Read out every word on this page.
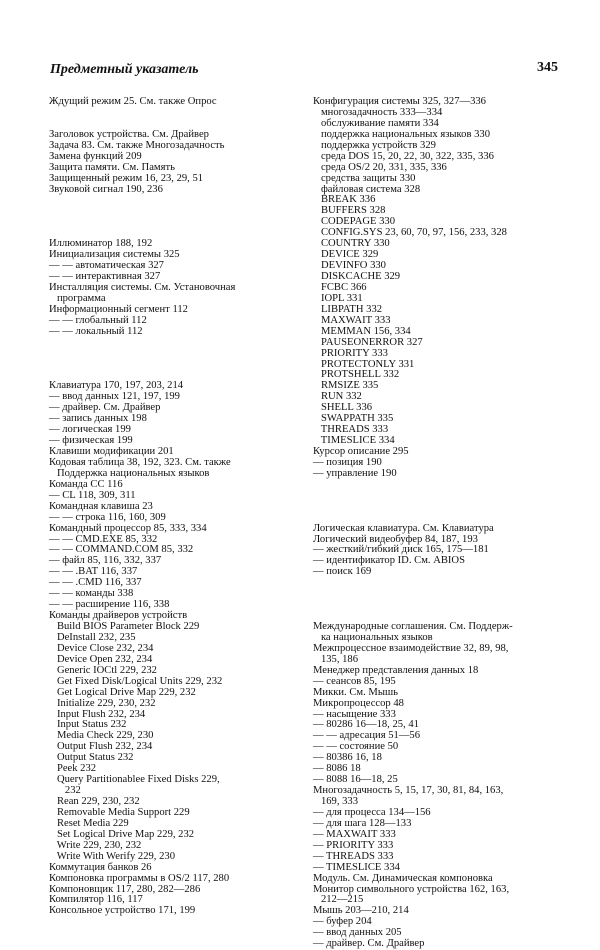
Предметный указатель	345
Ждущий режим 25. См. также Опрос
Заголовок устройства. См. Драйвер
Задача 83. См. также Многозадачность
Замена функций 209
Защита памяти. См. Память
Защищенный режим 16, 23, 29, 51
Звуковой сигнал 190, 236
Иллюминатор 188, 192
Инициализация системы 325
— — автоматическая 327
— — интерактивная 327
Инсталляция системы. См. Установочная
программа
Информационный сегмент 112
— — глобальный 112
— — локальный 112
Клавиатура 170, 197, 203, 214
— ввод данных 121, 197, 199
— драйвер. См. Драйвер
— запись данных 198
— логическая 199
— физическая 199
Клавиши модификации 201
Кодовая таблица 38, 192, 323. См. также
Поддержка национальных языков
Команда CC 116
— CL 118, 309, 311
Командная клавиша 23
— — строка 116, 160, 309
Командный процессор 85, 333, 334
— — CMD.EXE 85, 332
— — COMMAND.COM 85, 332
— файл 85, 116, 332, 337
— — .BAT 116, 337
— — .CMD 116, 337
— — команды 338
— — расширение 116, 338
Команды драйверов устройств
Build BIOS Parameter Block 229
DeInstall 232, 235
Device Close 232, 234
Device Open 232, 234
Generic IOCtl 229, 232
Get Fixed Disk/Logical Units 229, 232
Get Logical Drive Map 229, 232
Initialize 229, 230, 232
Input Flush 232, 234
Input Status 232
Media Check 229, 230
Output Flush 232, 234
Output Status 232
Peek 232
Query Partitionablee Fixed Disks 229,
232
Rean 229, 230, 232
Removable Media Support 229
Reset Media 229
Set Logical Drive Map 229, 232
Write 229, 230, 232
Write With Werify 229, 230
Коммутация банков 26
Компоновка программы в OS/2 117, 280
Компоновщик 117, 280, 282—286
Компилятор 116, 117
Консольное устройство 171, 199
Конфигурация системы 325, 327—336
многозадачность 333—334
обслуживание памяти 334
поддержка национальных языков 330
поддержка устройств 329
среда DOS 15, 20, 22, 30, 322, 335, 336
среда OS/2 20, 331, 335, 336
средства защиты 330
файловая система 328
BREAK 336
BUFFERS 328
CODEPAGE 330
CONFIG.SYS 23, 60, 70, 97, 156, 233, 328
COUNTRY 330
DEVICE 329
DEVINFO 330
DISKCACHE 329
FCBC 366
IOPL 331
LIBPATH 332
MAXWAIT 333
MEMMAN 156, 334
PAUSEONERROR 327
PRIORITY 333
PROTECTONLY 331
PROTSHELL 332
RMSIZE 335
RUN 332
SHELL 336
SWAPPATH 335
THREADS 333
TIMESLICE 334
Курсор описание 295
— позиция 190
— управление 190
Логическая клавиатура. См. Клавиатура
Логический видеобуфер 84, 187, 193
— жесткий/гибкий диск 165, 175—181
— идентификатор ID. См. ABIOS
— поиск 169
Международные соглашения. См. Поддерж-
ка национальных языков
Межпроцессное взаимодействие 32, 89, 98,
135, 186
Менеджер представления данных 18
— сеансов 85, 195
Микки. См. Мышь
Микропроцессор 48
— насыщение 333
— 80286 16—18, 25, 41
— — адресация 51—56
— — состояние 50
— 80386 16, 18
— 8086 18
— 8088 16—18, 25
Многозадачность 5, 15, 17, 30, 81, 84, 163,
169, 333
— для процесса 134—156
— для шага 128—133
— MAXWAIT 333
— PRIORITY 333
— THREADS 333
— TIMESLICE 334
Модуль. См. Динамическая компоновка
Монитор символьного устройства 162, 163,
212—215
Мышь 203—210, 214
— буфер 204
— ввод данных 205
— драйвер. См. Драйвер
